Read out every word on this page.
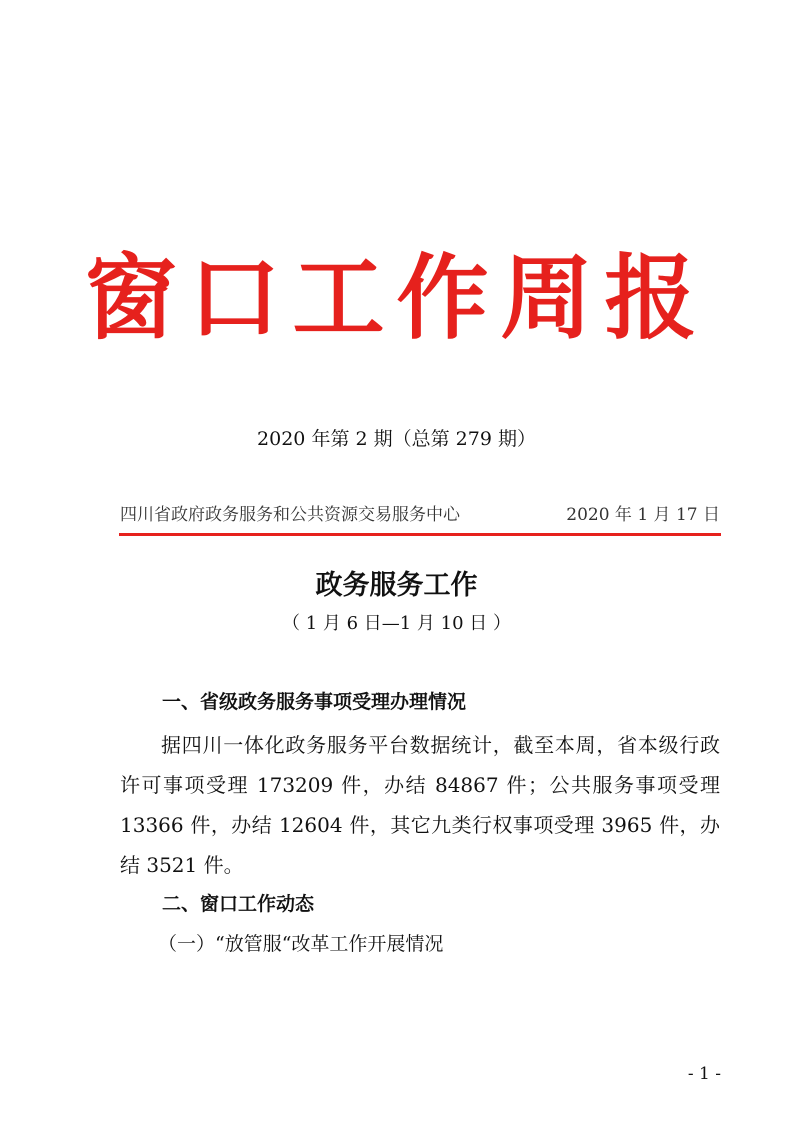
窗口工作周报
2020 年第 2 期（总第 279 期）
四川省政府政务服务和公共资源交易服务中心	2020 年 1 月 17 日
政务服务工作
（ 1 月 6 日—1 月 10 日 ）
一、省级政务服务事项受理办理情况

据四川一体化政务服务平台数据统计，截至本周，省本级行政许可事项受理 173209 件，办结 84867 件；公共服务事项受理 13366 件，办结 12604 件，其它九类行权事项受理 3965 件，办结 3521 件。

二、窗口工作动态
（一）“放管服“改革工作开展情况
- 1 -
